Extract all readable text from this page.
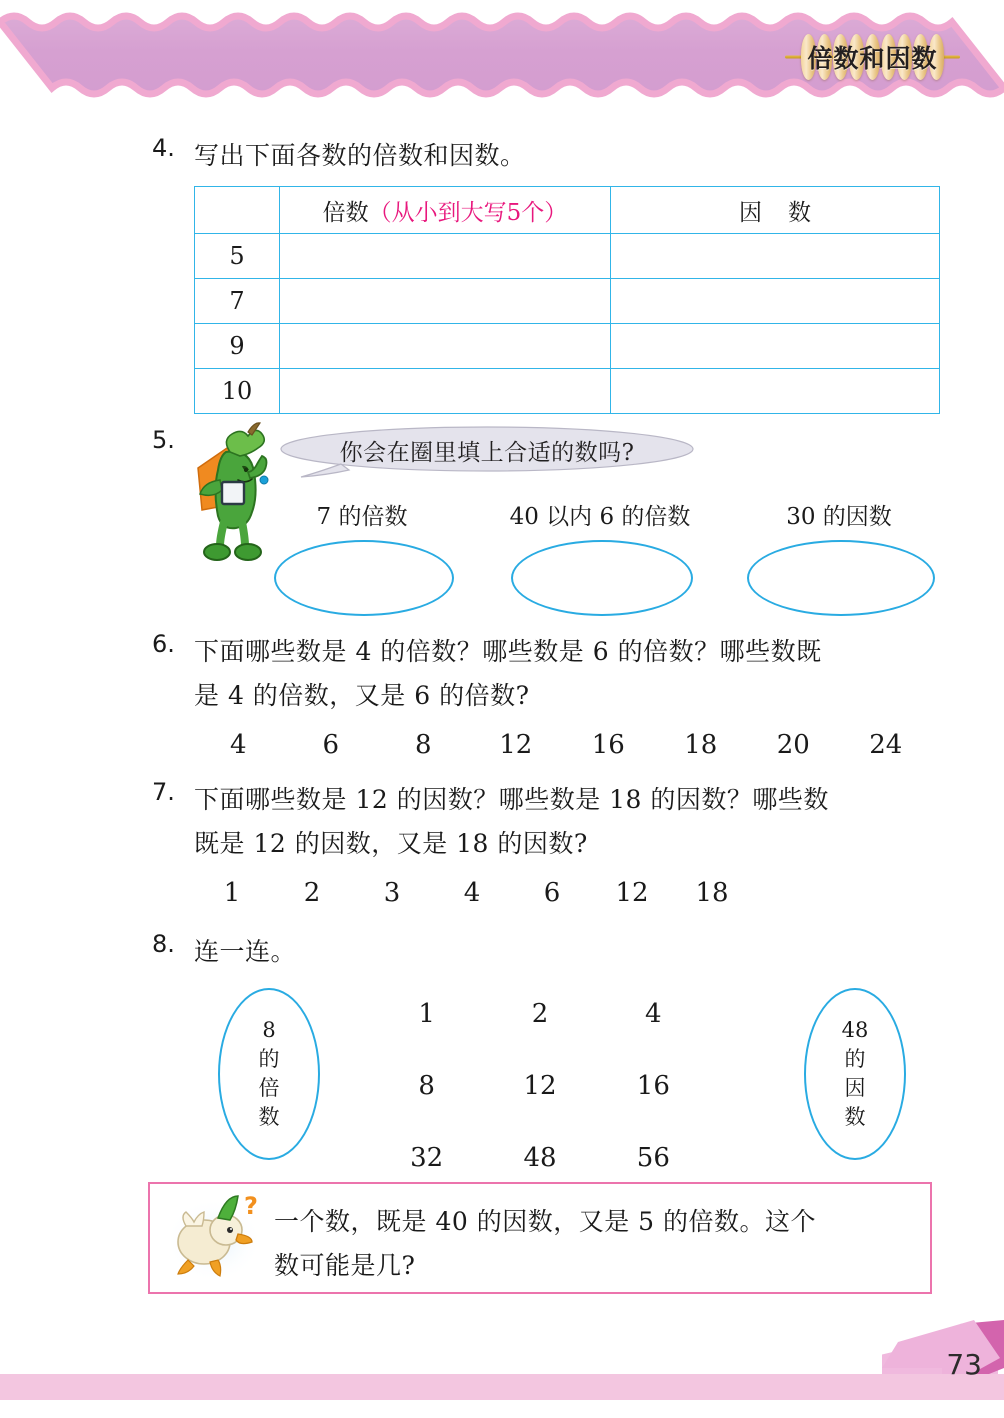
倍数和因数
4. 写出下面各数的倍数和因数。
	倍数（从小到大写5个）	因数
5		
7		
9		
10		
5.	你会在圈里填上合适的数吗?
7 的倍数	40 以内 6 的倍数	30 的因数
6. 下面哪些数是 4 的倍数？哪些数是 6 的倍数？哪些数既
是 4 的倍数，又是 6 的倍数?
4	6	8	12	16	18	20	24
7. 下面哪些数是 12 的因数？哪些数是 18 的因数？哪些数
既是 12 的因数，又是 18 的因数?
1	2	3	4	6	12	18
8. 连一连。
8
的
倍
数
1	2	4
8	12	16
32	48	56
48
的
因
数
?
一个数，既是 40 的因数，又是 5 的倍数。这个
数可能是几?
73
